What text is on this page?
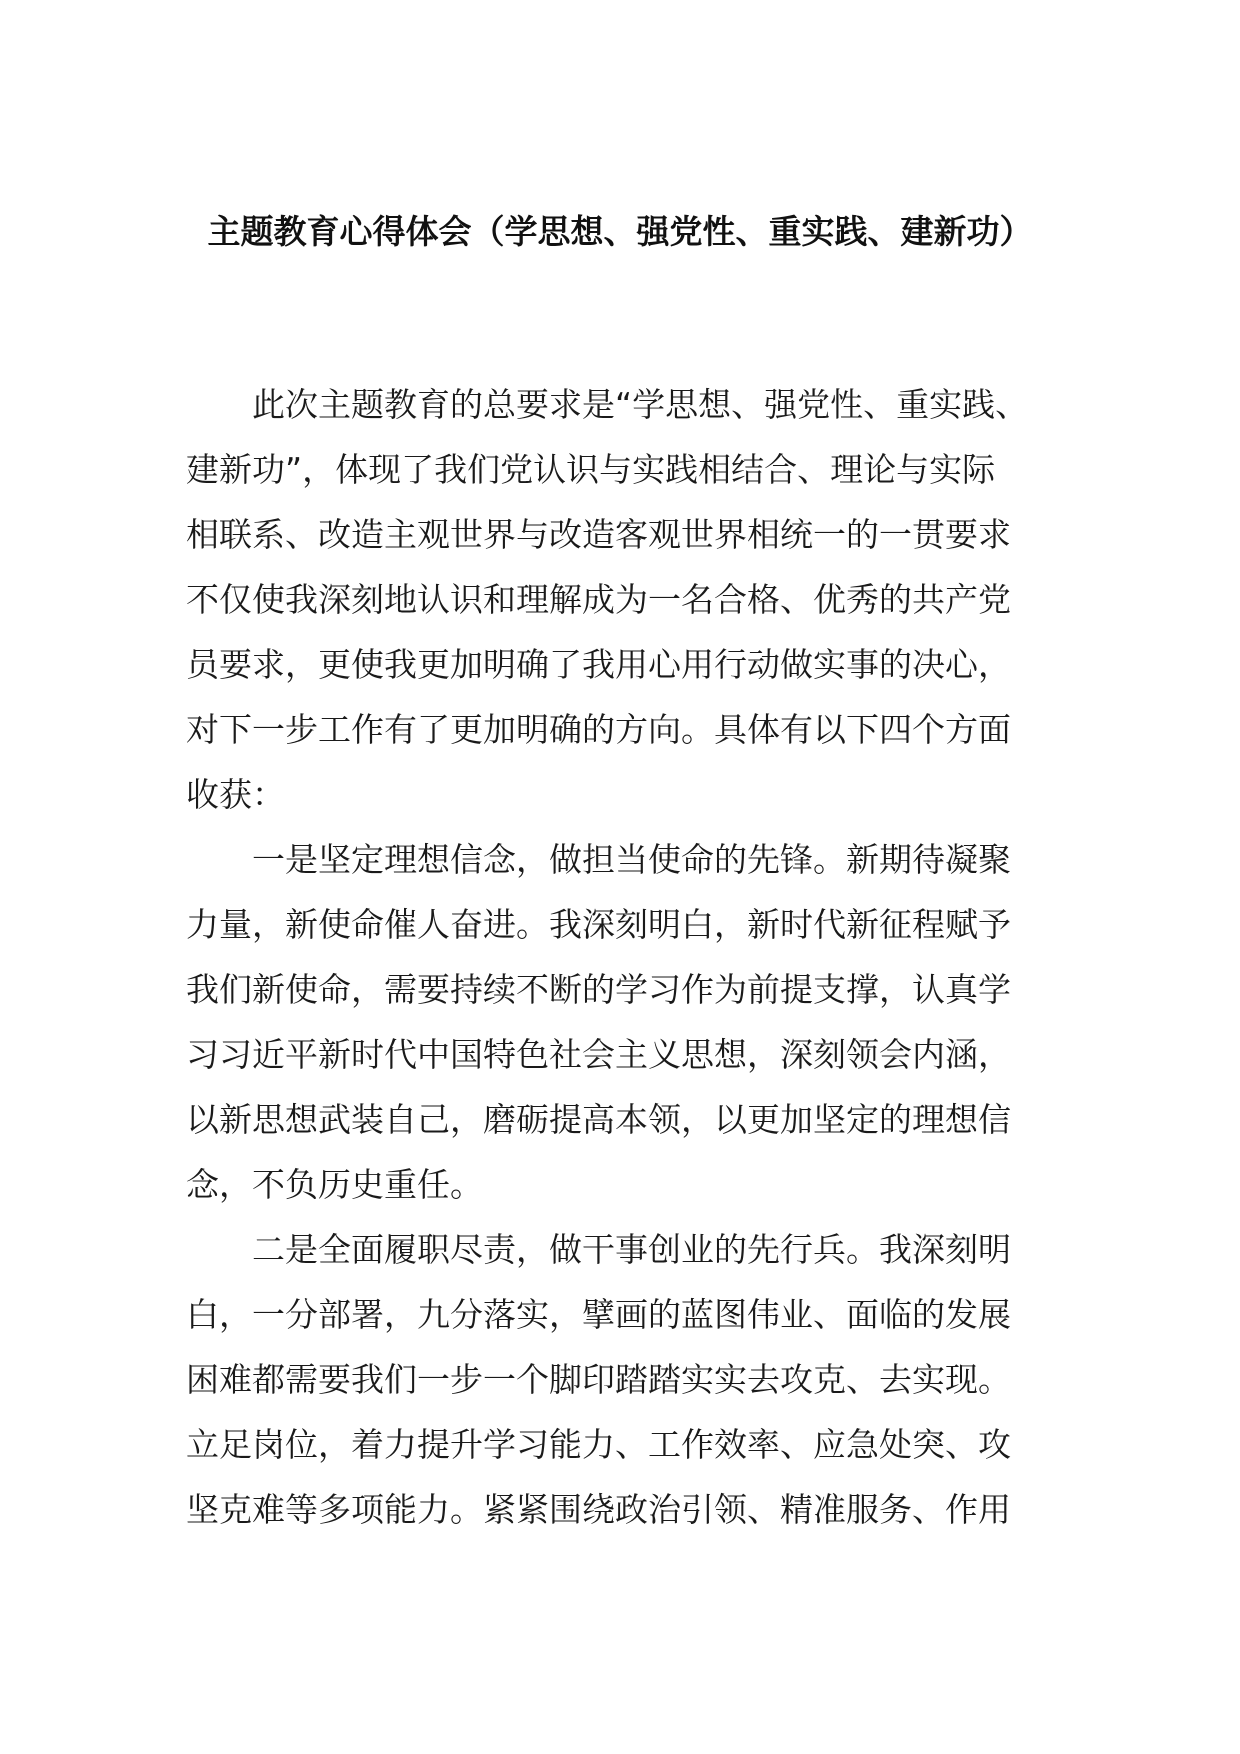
主题教育心得体会（学思想、强党性、重实践、建新功）

此次主题教育的总要求是“学思想、强党性、重实践、
建新功”，体现了我们党认识与实践相结合、理论与实际
相联系、改造主观世界与改造客观世界相统一的一贯要求
不仅使我深刻地认识和理解成为一名合格、优秀的共产党
员要求，更使我更加明确了我用心用行动做实事的决心，
对下一步工作有了更加明确的方向。具体有以下四个方面
收获：

一是坚定理想信念，做担当使命的先锋。新期待凝聚
力量，新使命催人奋进。我深刻明白，新时代新征程赋予
我们新使命，需要持续不断的学习作为前提支撑，认真学
习习近平新时代中国特色社会主义思想，深刻领会内涵，
以新思想武装自己，磨砺提高本领，以更加坚定的理想信
念，不负历史重任。

二是全面履职尽责，做干事创业的先行兵。我深刻明
白，一分部署，九分落实，擘画的蓝图伟业、面临的发展
困难都需要我们一步一个脚印踏踏实实去攻克、去实现。
立足岗位，着力提升学习能力、工作效率、应急处突、攻
坚克难等多项能力。紧紧围绕政治引领、精准服务、作用
